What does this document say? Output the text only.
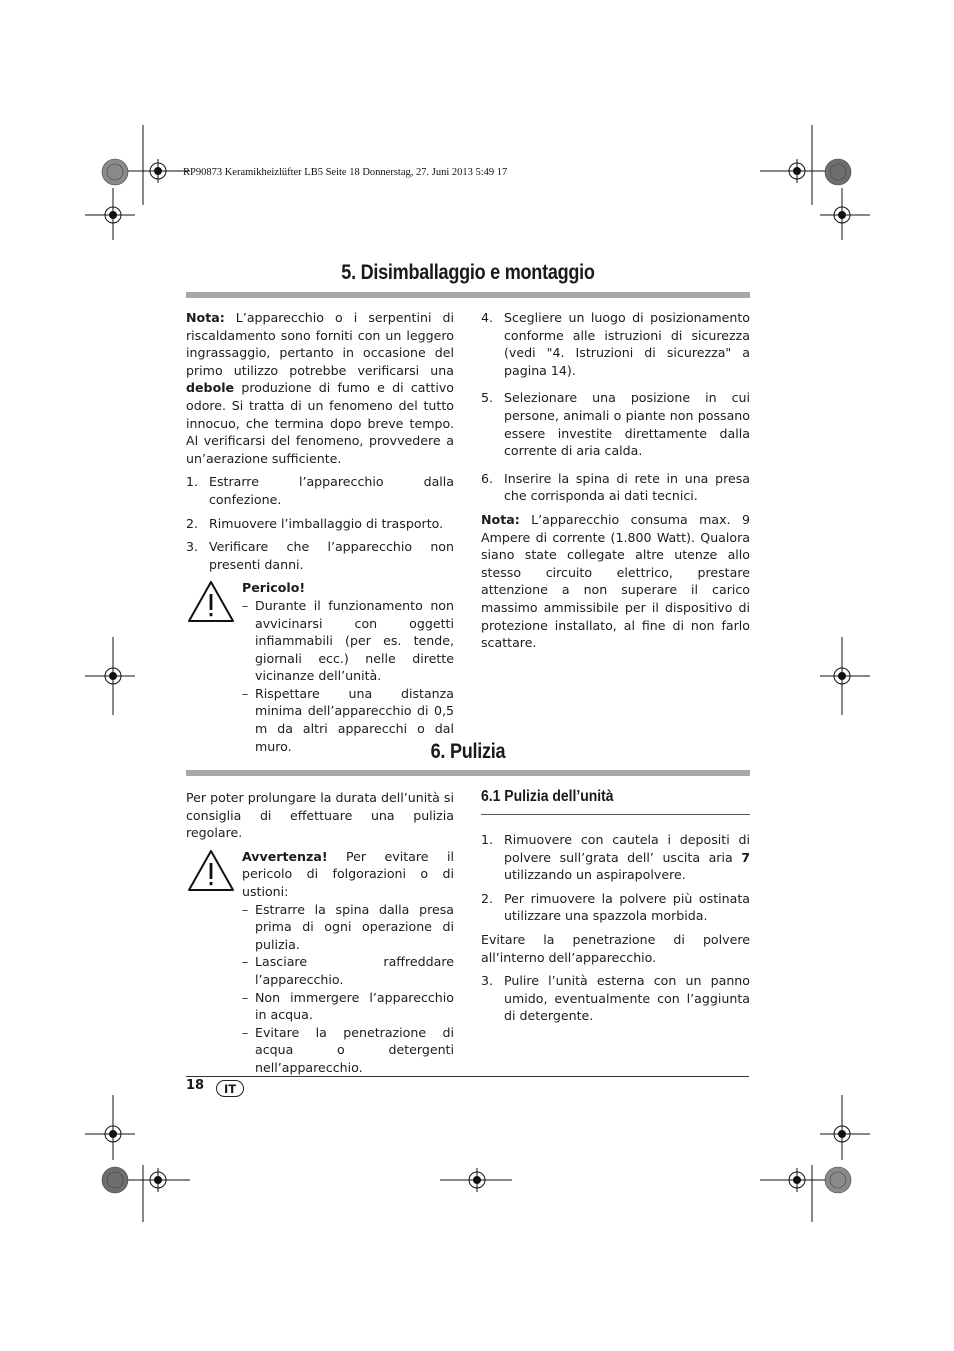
RP90873 Keramikheizlüfter LB5 Seite 18 Donnerstag, 27. Juni 2013 5:49 17
5. Disimballaggio e montaggio

Nota: L’apparecchio o i serpentini di riscaldamento sono forniti con un leggero ingrassaggio, pertanto in occasione del primo utilizzo potrebbe verificarsi una debole produzione di fumo e di cattivo odore. Si tratta di un fenomeno del tutto innocuo, che termina dopo breve tempo. Al verificarsi del fenomeno, provvedere a un’aerazione sufficiente.

1. Estrarre l’apparecchio dalla confezione.
2. Rimuovere l’imballaggio di trasporto.
3. Verificare che l’apparecchio non presenti danni.
Pericolo!
– Durante il funzionamento non avvicinarsi con oggetti infiammabili (per es. tende, giornali ecc.) nelle dirette vicinanze dell’unità.
– Rispettare una distanza minima dell’apparecchio di 0,5 m da altri apparecchi o dal muro.
4. Scegliere un luogo di posizionamento conforme alle istruzioni di sicurezza (vedi "4. Istruzioni di sicurezza" a pagina 14).
5. Selezionare una posizione in cui persone, animali o piante non possano essere investite direttamente dalla corrente di aria calda.
6. Inserire la spina di rete in una presa che corrisponda ai dati tecnici.

Nota: L’apparecchio consuma max. 9 Ampere di corrente (1.800 Watt). Qualora siano state collegate altre utenze allo stesso circuito elettrico, prestare attenzione a non superare il carico massimo ammissibile per il dispositivo di protezione installato, al fine di non farlo scattare.

6. Pulizia

Per poter prolungare la durata dell’unità si consiglia di effettuare una pulizia regolare.

Avvertenza! Per evitare il pericolo di folgorazioni o di ustioni:
– Estrarre la spina dalla presa prima di ogni operazione di pulizia.
– Lasciare raffreddare l’apparecchio.
– Non immergere l’apparecchio in acqua.
– Evitare la penetrazione di acqua o detergenti nell’apparecchio.
6.1 Pulizia dell’unità
1. Rimuovere con cautela i depositi di polvere sull’grata dell’ uscita aria 7 utilizzando un aspirapolvere.
2. Per rimuovere la polvere più ostinata utilizzare una spazzola morbida.

Evitare la penetrazione di polvere all’interno dell’apparecchio.

3. Pulire l’unità esterna con un panno umido, eventualmente con l’aggiunta di detergente.
18	IT
